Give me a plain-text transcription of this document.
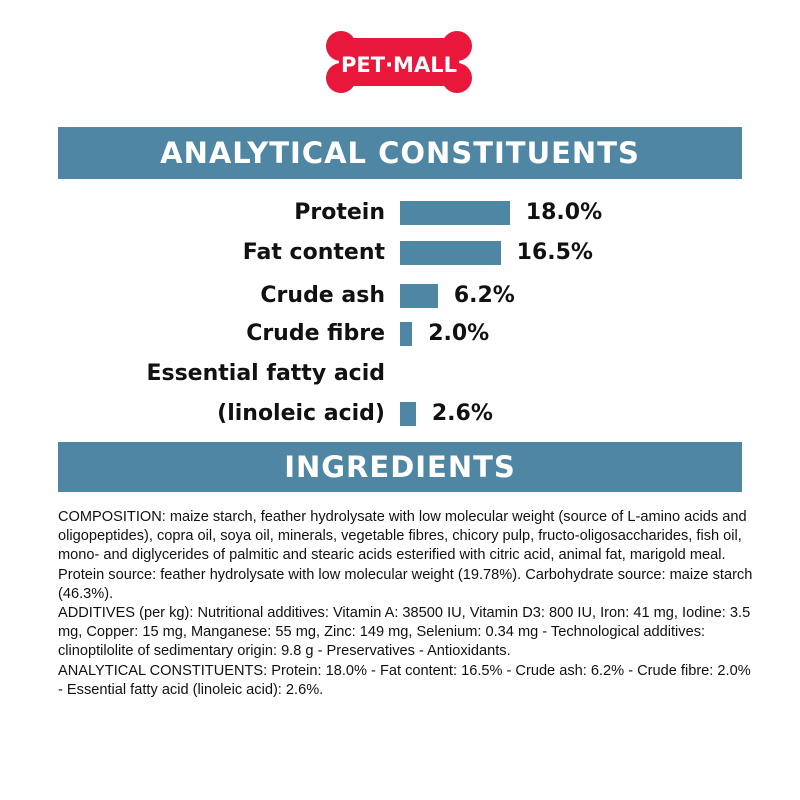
PET·MALL
ANALYTICAL CONSTITUENTS
Protein	18.0%
Fat content	16.5%
Crude ash	6.2%
Crude fibre 2.0%
Essential fatty acid
(linoleic acid) 2.6%
INGREDIENTS

COMPOSITION: maize starch, feather hydrolysate with low molecular weight (source of L-amino acids and oligopeptides), copra oil, soya oil, minerals, vegetable fibres, chicory pulp, fructo-oligosaccharides, fish oil, mono- and diglycerides of palmitic and stearic acids esterified with citric acid, animal fat, marigold meal.

Protein source: feather hydrolysate with low molecular weight (19.78%). Carbohydrate source: maize starch (46.3%).

ADDITIVES (per kg): Nutritional additives: Vitamin A: 38500 IU, Vitamin D3: 800 IU, Iron: 41 mg, Iodine: 3.5 mg, Copper: 15 mg, Manganese: 55 mg, Zinc: 149 mg, Selenium: 0.34 mg - Technological additives: clinoptilolite of sedimentary origin: 9.8 g - Preservatives - Antioxidants.

ANALYTICAL CONSTITUENTS: Protein: 18.0% - Fat content: 16.5% - Crude ash: 6.2% - Crude fibre: 2.0% - Essential fatty acid (linoleic acid): 2.6%.
